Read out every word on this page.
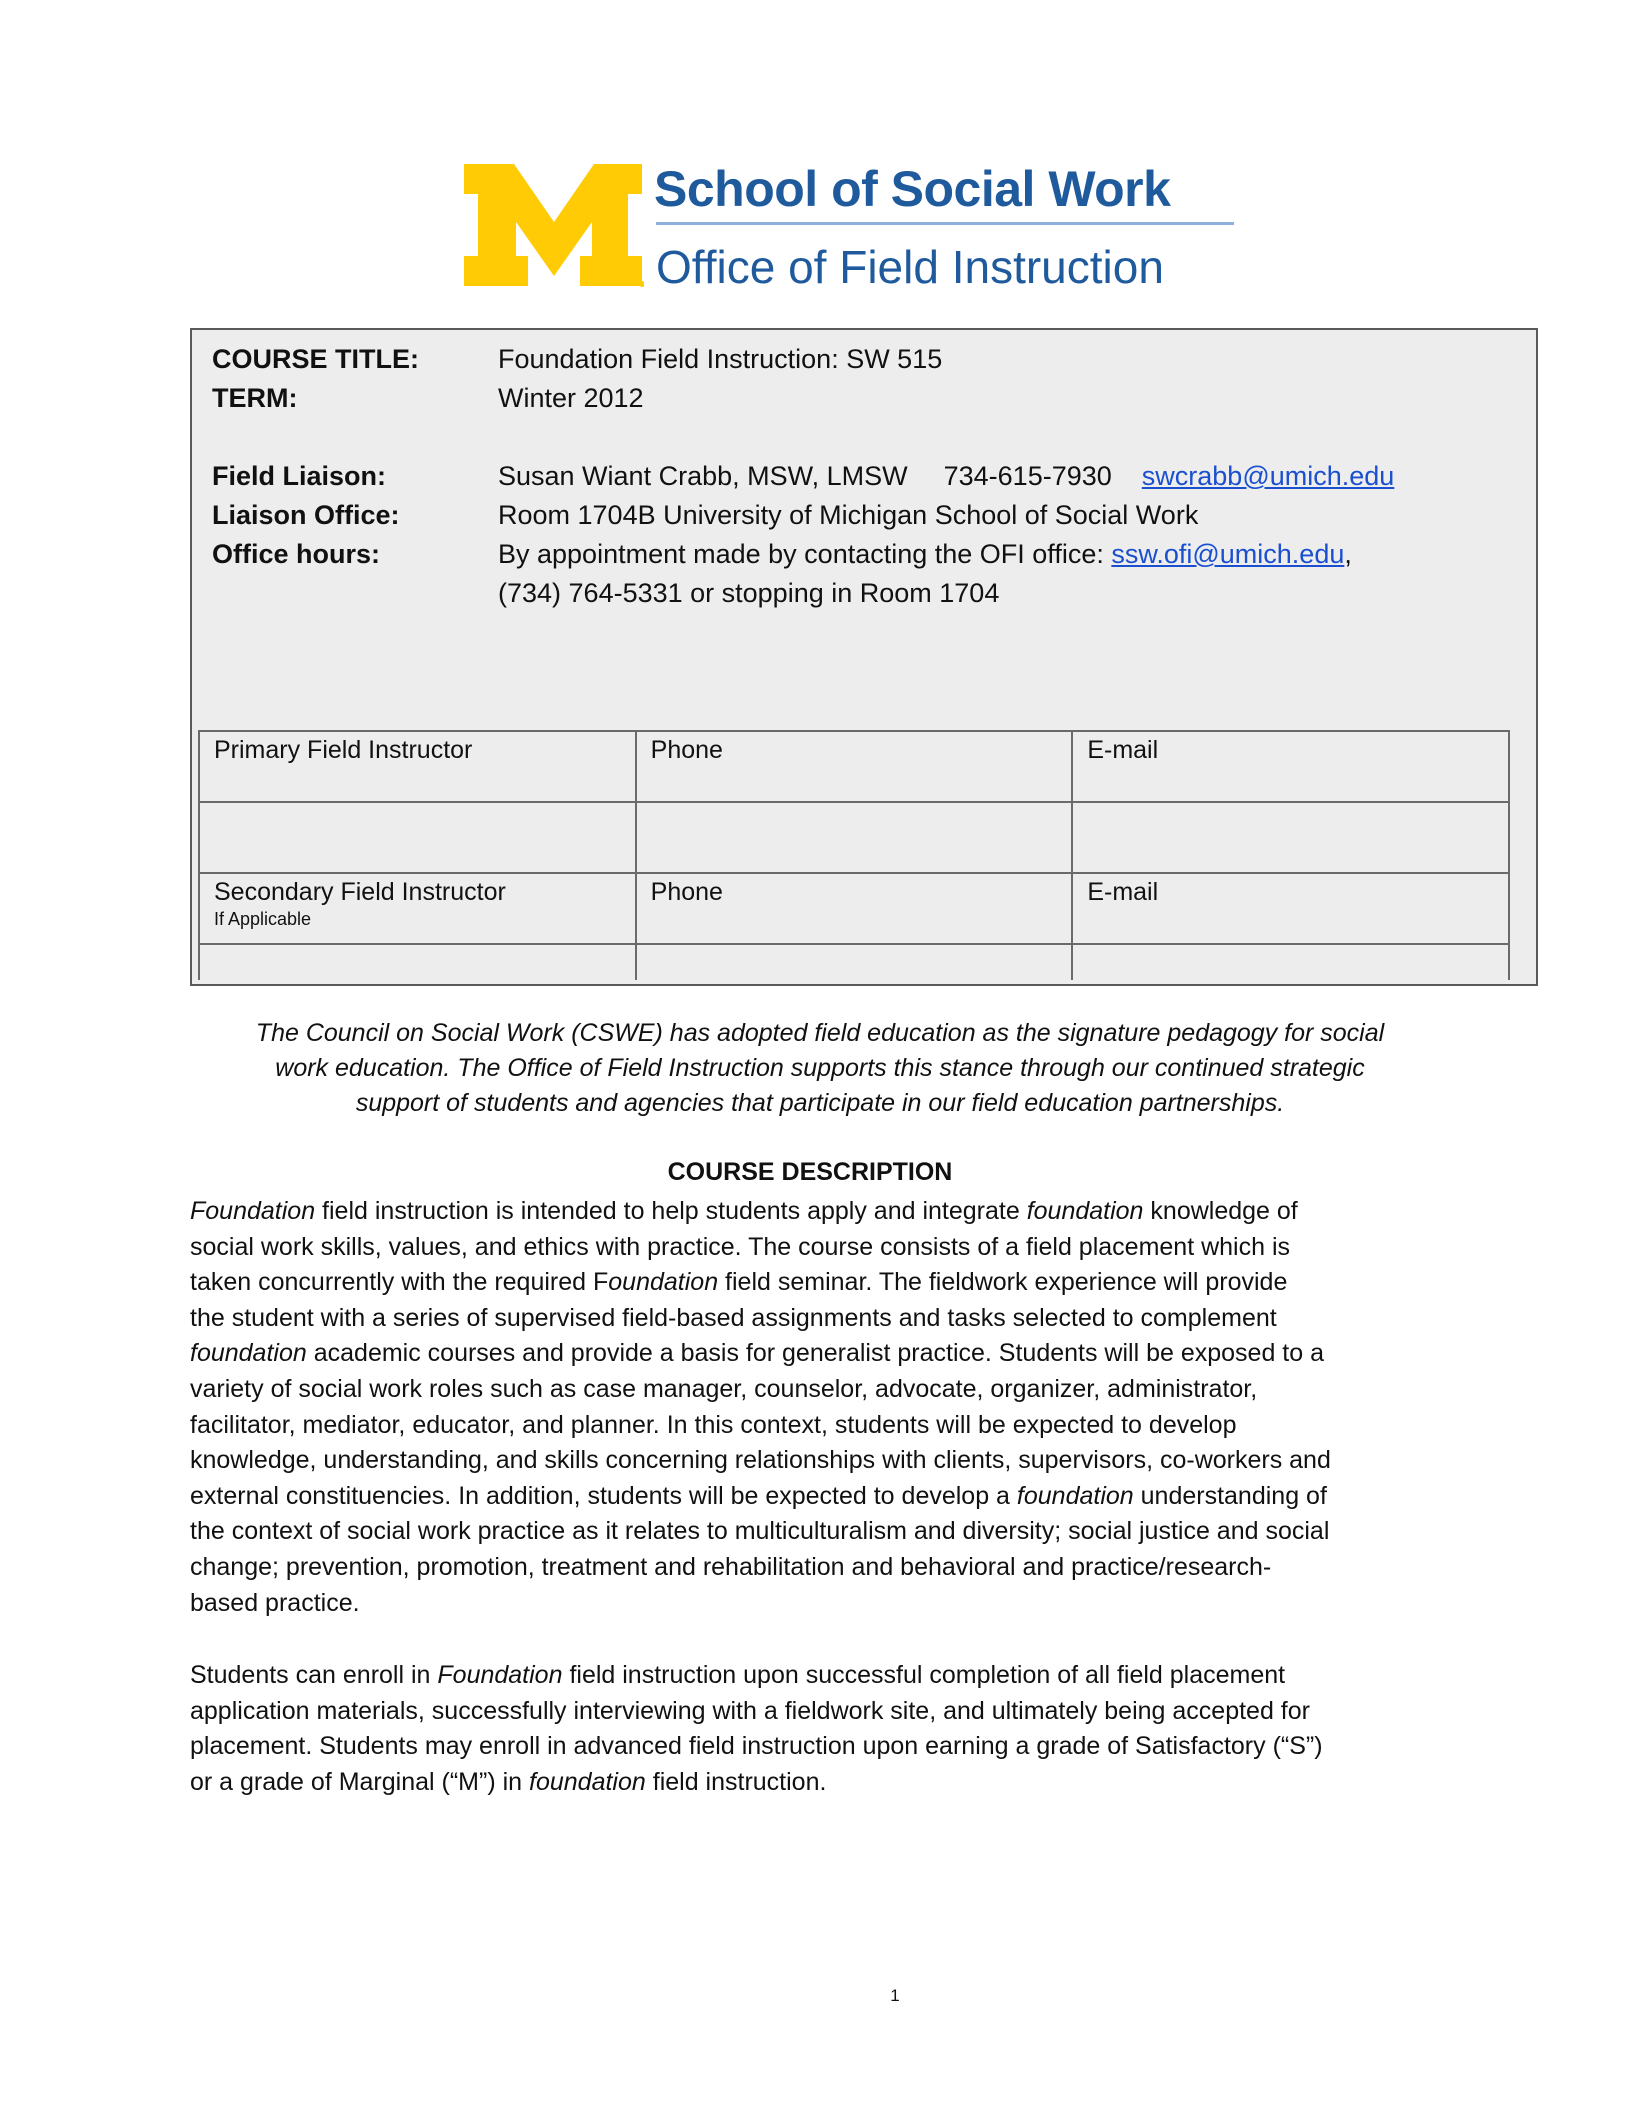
School of Social Work
Office of Field Instruction
COURSE TITLE:	Foundation Field Instruction: SW 515
TERM:	Winter 2012
Field Liaison:	Susan Wiant Crabb, MSW, LMSW 734-615-7930 swcrabb@umich.edu
Liaison Office:	Room 1704B University of Michigan School of Social Work
Office hours:	By appointment made by contacting the OFI office: ssw.ofi@umich.edu,
(734) 764-5331 or stopping in Room 1704
Primary Field Instructor	Phone	E-mail

Secondary Field Instructor
If Applicable	Phone	E-mail

The Council on Social Work (CSWE) has adopted field education as the signature pedagogy for social
work education. The Office of Field Instruction supports this stance through our continued strategic
support of students and agencies that participate in our field education partnerships.
COURSE DESCRIPTION
Foundation field instruction is intended to help students apply and integrate foundation knowledge of
social work skills, values, and ethics with practice. The course consists of a field placement which is
taken concurrently with the required Foundation field seminar. The fieldwork experience will provide
the student with a series of supervised field-based assignments and tasks selected to complement
foundation academic courses and provide a basis for generalist practice. Students will be exposed to a
variety of social work roles such as case manager, counselor, advocate, organizer, administrator,
facilitator, mediator, educator, and planner. In this context, students will be expected to develop
knowledge, understanding, and skills concerning relationships with clients, supervisors, co-workers and
external constituencies. In addition, students will be expected to develop a foundation understanding of
the context of social work practice as it relates to multiculturalism and diversity; social justice and social
change; prevention, promotion, treatment and rehabilitation and behavioral and practice/research-
based practice.
Students can enroll in Foundation field instruction upon successful completion of all field placement
application materials, successfully interviewing with a fieldwork site, and ultimately being accepted for
placement. Students may enroll in advanced field instruction upon earning a grade of Satisfactory (“S”)
or a grade of Marginal (“M”) in foundation field instruction.
1
